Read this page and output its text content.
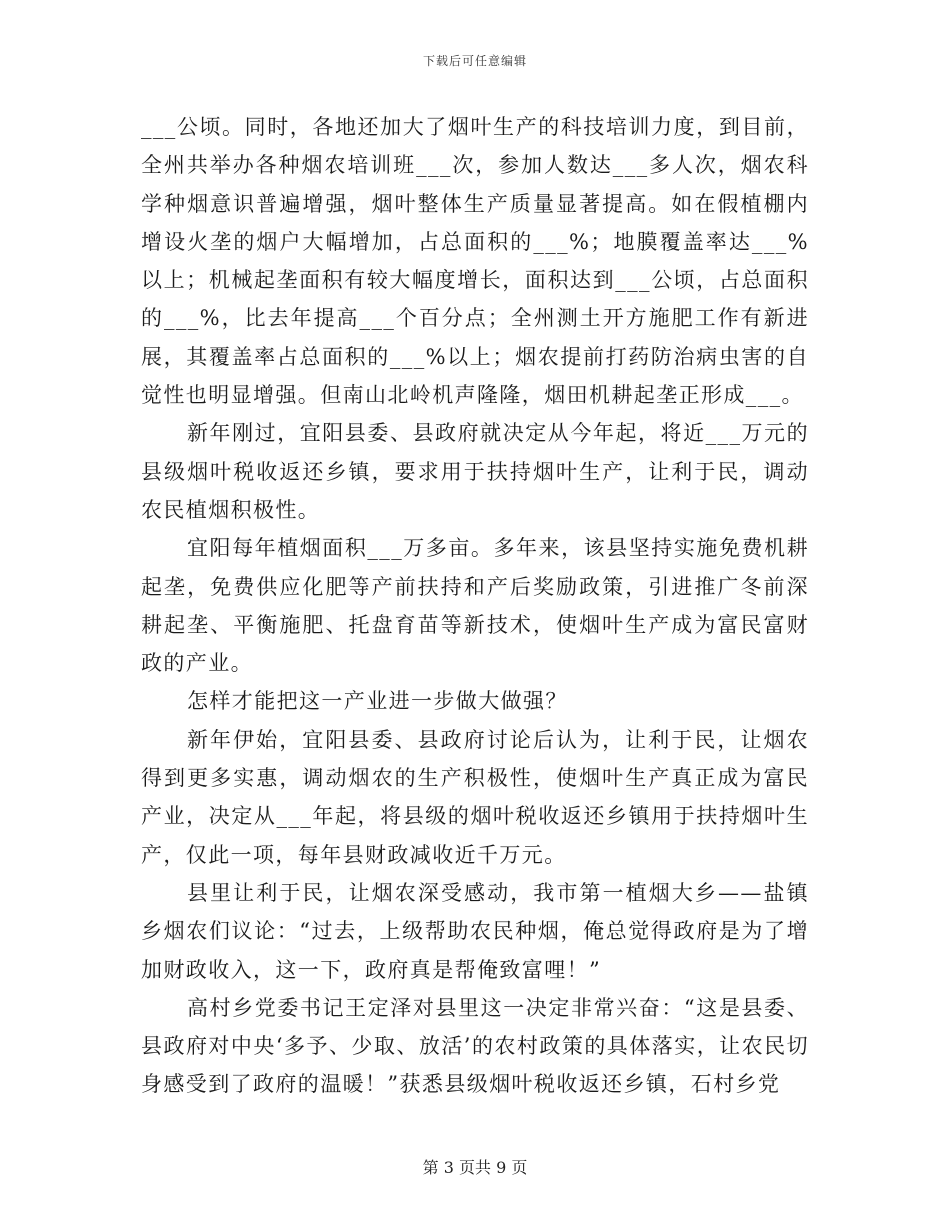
下载后可任意编辑

___公顷。同时，各地还加大了烟叶生产的科技培训力度，到目前，全州共举办各种烟农培训班___次，参加人数达___多人次，烟农科学种烟意识普遍增强，烟叶整体生产质量显著提高。如在假植棚内增设火垄的烟户大幅增加，占总面积的___%；地膜覆盖率达___%以上；机械起垄面积有较大幅度增长，面积达到___公顷，占总面积的___%，比去年提高___个百分点；全州测土开方施肥工作有新进展，其覆盖率占总面积的___%以上；烟农提前打药防治病虫害的自觉性也明显增强。但南山北岭机声隆隆，烟田机耕起垄正形成___。

新年刚过，宜阳县委、县政府就决定从今年起，将近___万元的县级烟叶税收返还乡镇，要求用于扶持烟叶生产，让利于民，调动农民植烟积极性。

宜阳每年植烟面积___万多亩。多年来，该县坚持实施免费机耕起垄，免费供应化肥等产前扶持和产后奖励政策，引进推广冬前深耕起垄、平衡施肥、托盘育苗等新技术，使烟叶生产成为富民富财政的产业。

怎样才能把这一产业进一步做大做强？

新年伊始，宜阳县委、县政府讨论后认为，让利于民，让烟农得到更多实惠，调动烟农的生产积极性，使烟叶生产真正成为富民产业，决定从___年起，将县级的烟叶税收返还乡镇用于扶持烟叶生产，仅此一项，每年县财政减收近千万元。

县里让利于民，让烟农深受感动，我市第一植烟大乡——盐镇乡烟农们议论：“过去，上级帮助农民种烟，俺总觉得政府是为了增加财政收入，这一下，政府真是帮俺致富哩！”

高村乡党委书记王定泽对县里这一决定非常兴奋：“这是县委、县政府对中央‘多予、少取、放活’的农村政策的具体落实，让农民切身感受到了政府的温暖！”获悉县级烟叶税收返还乡镇，石村乡党

第 3 页共 9 页
